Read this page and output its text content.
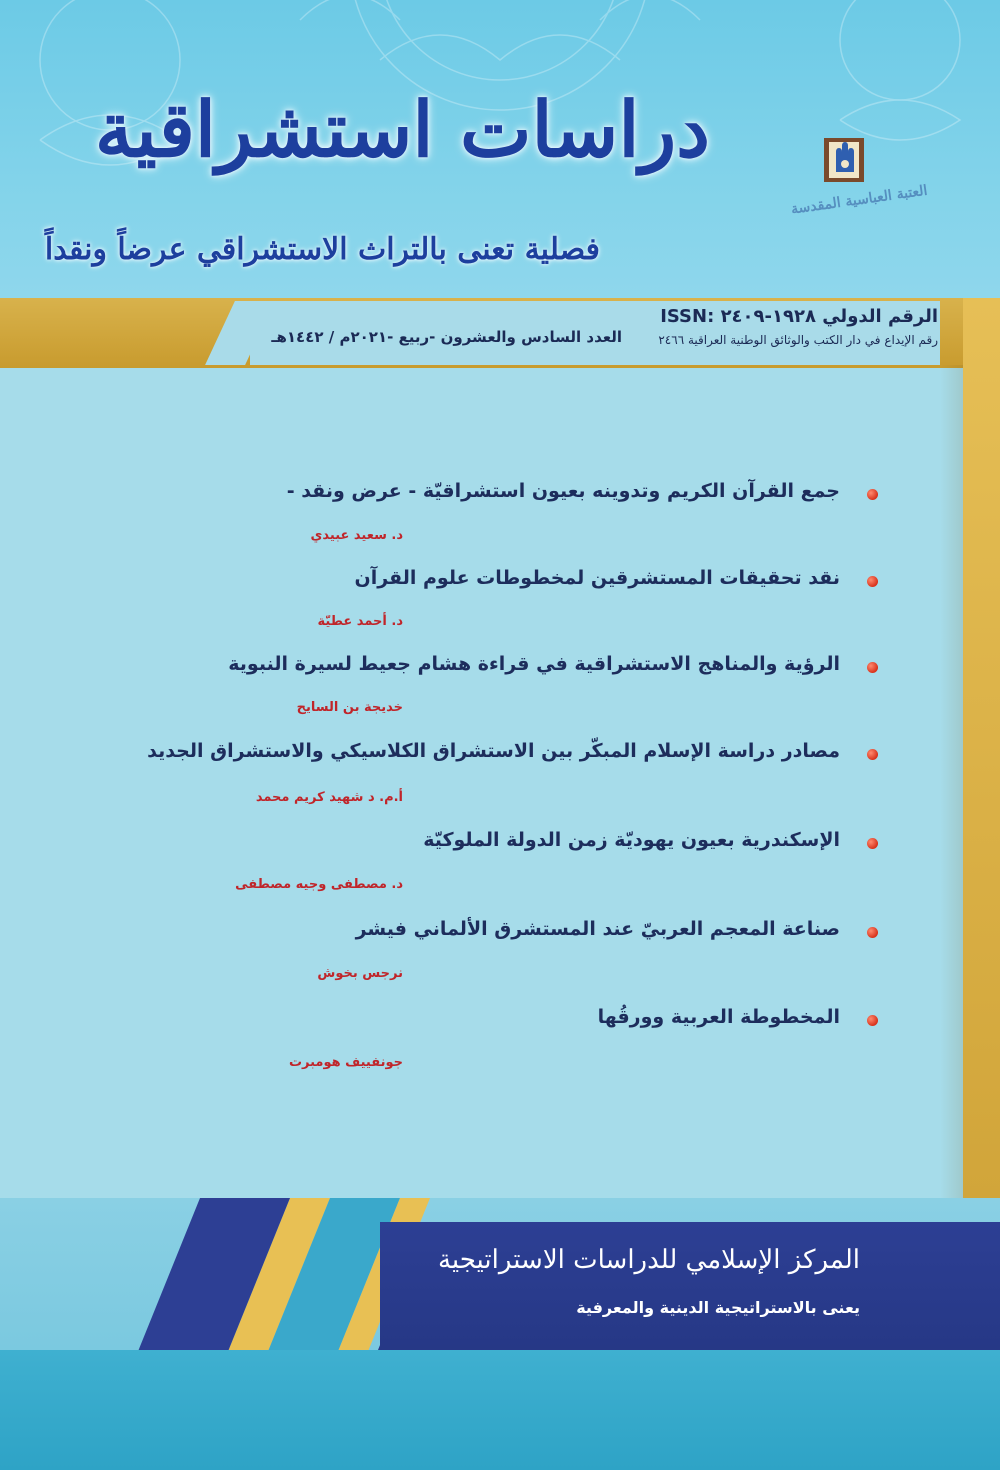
دراسات استشراقية
فصلية تعنى بالتراث الاستشراقي عرضاً ونقداً
العتبة العباسية المقدسة
الرقم الدولي ١٩٢٨-٢٤٠٩ :ISSN
رقم الإيداع في دار الكتب والوثائق الوطنية العراقية ٢٤٦٦
العدد السادس والعشرون -ربيع -٢٠٢١م / ١٤٤٢هـ
جمع القرآن الكريم وتدوينه بعيون استشراقيّة - عرض ونقد -
د. سعيد عبيدي
نقد تحقيقات المستشرقين لمخطوطات علوم القرآن
د. أحمد عطيّة
الرؤية والمناهج الاستشراقية في قراءة هشام جعيط لسيرة النبوية
خديجة بن السايح
مصادر دراسة الإسلام المبكّر بين الاستشراق الكلاسيكي والاستشراق الجديد
أ.م. د شهيد كريم محمد
الإسكندرية بعيون يهوديّة زمن الدولة الملوكيّة
د. مصطفى وجيه مصطفى
صناعة المعجم العربيّ عند المستشرق الألماني فيشر
نرجس بخوش
المخطوطة العربية وورقُها
جونفييف هومبرت
المركز الإسلامي للدراسات الاستراتيجية
يعنى بالاستراتيجية الدينية والمعرفية
